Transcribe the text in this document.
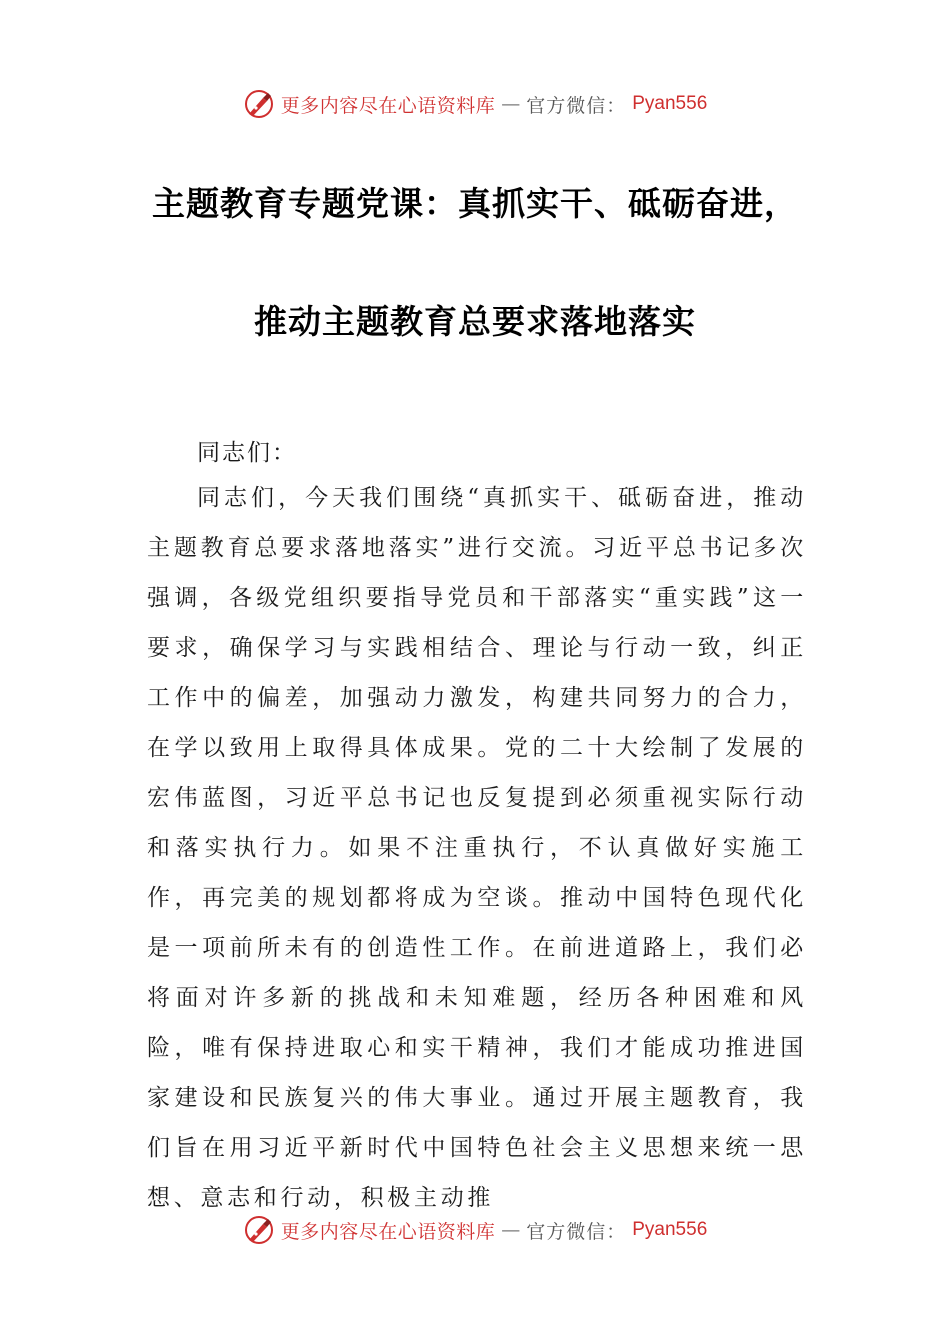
更多内容尽在心语资料库 — 官方微信： Pyan556
主题教育专题党课：真抓实干、砥砺奋进，
推动主题教育总要求落地落实
同志们：

同志们，今天我们围绕“真抓实干、砥砺奋进，推动主题教育总要求落地落实”进行交流。习近平总书记多次强调，各级党组织要指导党员和干部落实“重实践”这一要求，确保学习与实践相结合、理论与行动一致，纠正工作中的偏差，加强动力激发，构建共同努力的合力，在学以致用上取得具体成果。党的二十大绘制了发展的宏伟蓝图，习近平总书记也反复提到必须重视实际行动和落实执行力。如果不注重执行，不认真做好实施工作，再完美的规划都将成为空谈。推动中国特色现代化是一项前所未有的创造性工作。在前进道路上，我们必将面对许多新的挑战和未知难题，经历各种困难和风险，唯有保持进取心和实干精神，我们才能成功推进国家建设和民族复兴的伟大事业。通过开展主题教育，我们旨在用习近平新时代中国特色社会主义思想来统一思想、意志和行动，积极主动推

更多内容尽在心语资料库 — 官方微信： Pyan556
